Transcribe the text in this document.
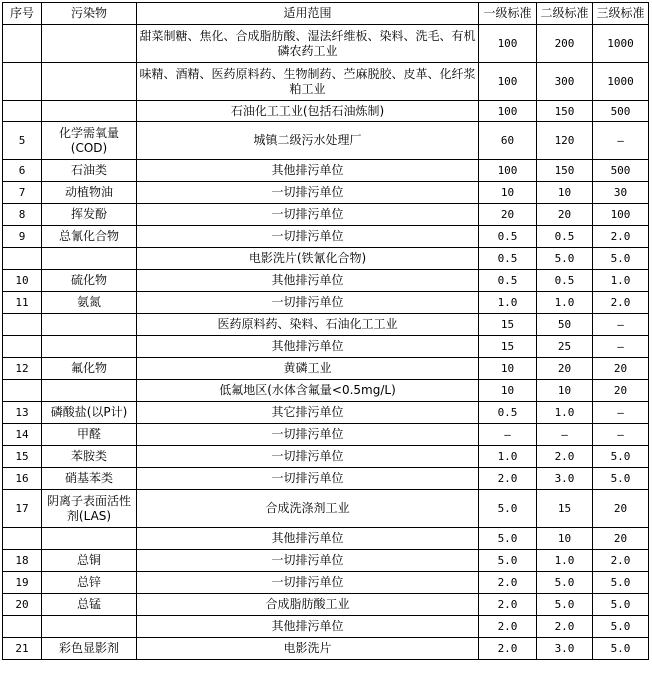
序号	污染物	适用范围	一级标准	二级标准	三级标准
		甜菜制糖、焦化、合成脂肪酸、湿法纤维板、染料、洗毛、有机磷农药工业	100	200	1000
		味精、酒精、医药原料药、生物制药、苎麻脱胶、皮革、化纤浆粕工业	100	300	1000
		石油化工工业(包括石油炼制)	100	150	500
5	化学需氧量(COD)	城镇二级污水处理厂	60	120	–
6	石油类	其他排污单位	100	150	500
7	动植物油	一切排污单位	10	10	30
8	挥发酚	一切排污单位	20	20	100
9	总氰化合物	一切排污单位	0.5	0.5	2.0
		电影洗片(铁氰化合物)	0.5	5.0	5.0
10	硫化物	其他排污单位	0.5	0.5	1.0
11	氨氮	一切排污单位	1.0	1.0	2.0
		医药原料药、染料、石油化工工业	15	50	–
		其他排污单位	15	25	–
12	氟化物	黄磷工业	10	20	20
		低氟地区(水体含氟量<0.5mg/L)	10	10	20
13	磷酸盐(以P计)	其它排污单位	0.5	1.0	–
14	甲醛	一切排污单位	–	–	–
15	苯胺类	一切排污单位	1.0	2.0	5.0
16	硝基苯类	一切排污单位	2.0	3.0	5.0
17	阴离子表面活性剂(LAS)	合成洗涤剂工业	5.0	15	20
		其他排污单位	5.0	10	20
18	总铜	一切排污单位	5.0	1.0	2.0
19	总锌	一切排污单位	2.0	5.0	5.0
20	总锰	合成脂肪酸工业	2.0	5.0	5.0
		其他排污单位	2.0	2.0	5.0
21	彩色显影剂	电影洗片	2.0	3.0	5.0
